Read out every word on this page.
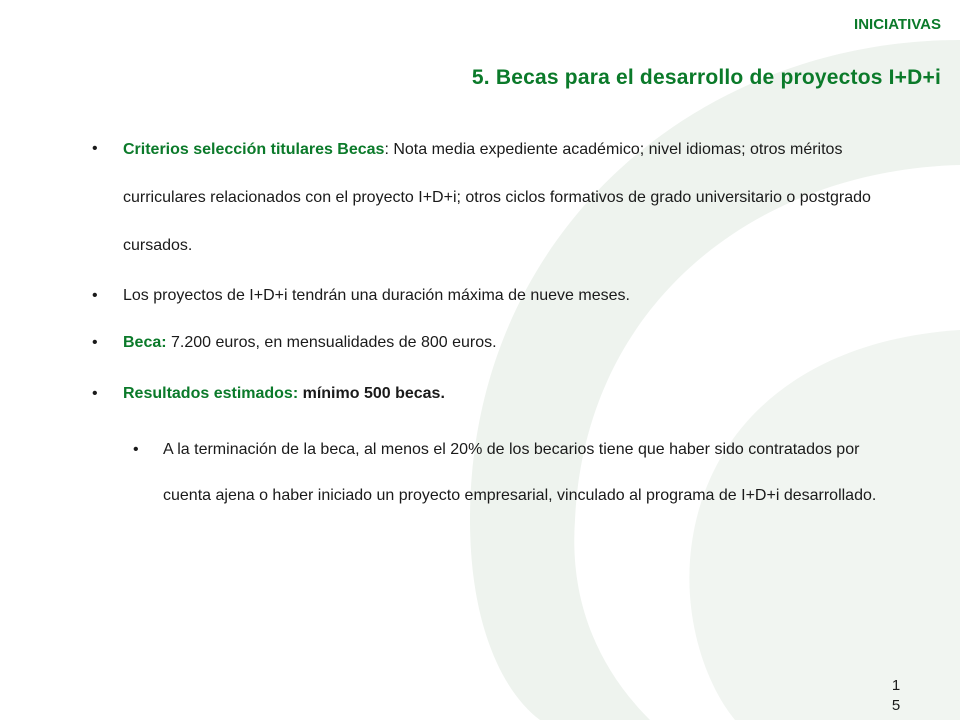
INICIATIVAS
5. Becas para el desarrollo de proyectos I+D+i
• Criterios selección titulares Becas: Nota media expediente académico; nivel idiomas; otros méritos curriculares relacionados con el proyecto I+D+i; otros ciclos formativos de grado universitario o postgrado cursados.
• Los proyectos de I+D+i tendrán una duración máxima de nueve meses.
• Beca: 7.200 euros, en mensualidades de 800 euros.
• Resultados estimados: mínimo 500 becas.
• A la terminación de la beca, al menos el 20% de los becarios tiene que haber sido contratados por cuenta ajena o haber iniciado un proyecto empresarial, vinculado al programa de I+D+i desarrollado.
1
5
